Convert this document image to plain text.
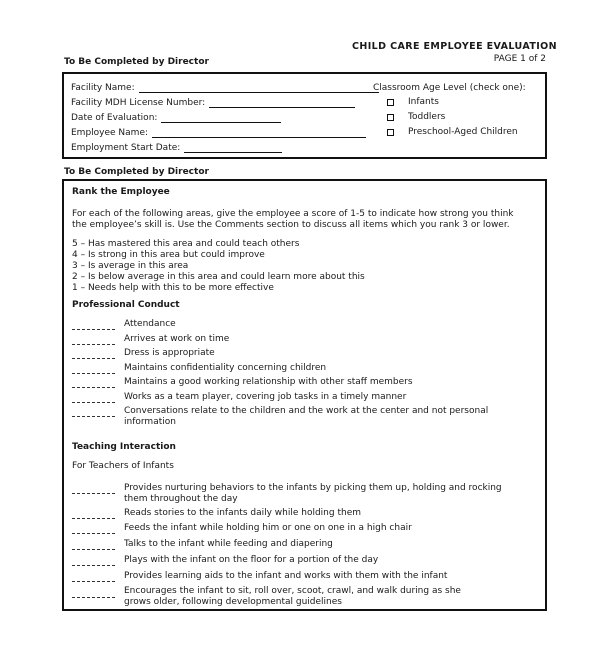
CHILD CARE EMPLOYEE EVALUATION
PAGE 1 of 2
To Be Completed by Director
Facility Name:
Facility MDH License Number:
Date of Evaluation:
Employee Name:
Employment Start Date:
Classroom Age Level (check one):
Infants
Toddlers
Preschool-Aged Children
To Be Completed by Director
Rank the Employee
For each of the following areas, give the employee a score of 1-5 to indicate how strong you think
the employee’s skill is. Use the Comments section to discuss all items which you rank 3 or lower.
5 – Has mastered this area and could teach others
4 – Is strong in this area but could improve
3 – Is average in this area
2 – Is below average in this area and could learn more about this
1 – Needs help with this to be more effective
Professional Conduct
Attendance
Arrives at work on time
Dress is appropriate
Maintains confidentiality concerning children
Maintains a good working relationship with other staff members
Works as a team player, covering job tasks in a timely manner
Conversations relate to the children and the work at the center and not personal
information
Teaching Interaction
For Teachers of Infants
Provides nurturing behaviors to the infants by picking them up, holding and rocking
them throughout the day
Reads stories to the infants daily while holding them
Feeds the infant while holding him or one on one in a high chair
Talks to the infant while feeding and diapering
Plays with the infant on the floor for a portion of the day
Provides learning aids to the infant and works with them with the infant
Encourages the infant to sit, roll over, scoot, crawl, and walk during as she
grows older, following developmental guidelines
